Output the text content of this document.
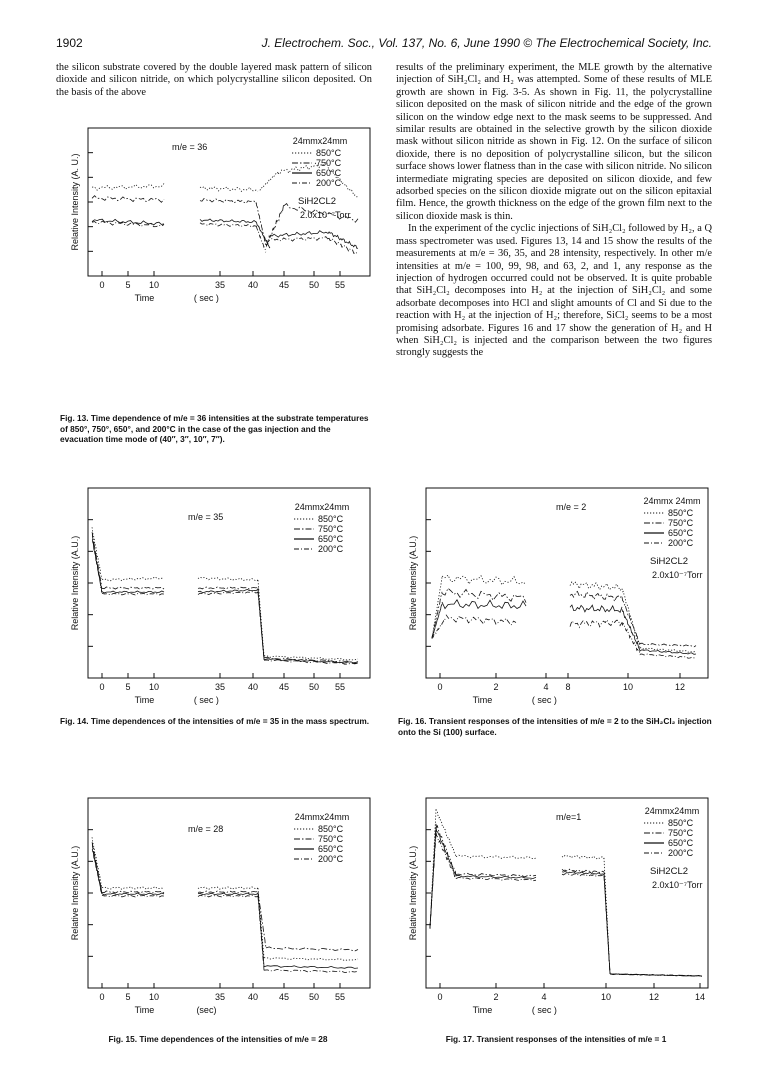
1902	J. Electrochem. Soc., Vol. 137, No. 6, June 1990 © The Electrochemical Society, Inc.

the silicon substrate covered by the double layered mask pattern of silicon dioxide and silicon nitride, on which polycrystalline silicon deposited. On the basis of the above

results of the preliminary experiment, the MLE growth by the alternative injection of SiH₂Cl₂ and H₂ was attempted. Some of these results of MLE growth are shown in Fig. 3-5. As shown in Fig. 11, the polycrystalline silicon deposited on the mask of silicon nitride and the edge of the grown silicon on the window edge next to the mask seems to be suppressed. And similar results are obtained in the selective growth by the silicon dioxide mask without silicon nitride as shown in Fig. 12. On the surface of silicon dioxide, there is no deposition of polycrystalline silicon, but the silicon surface shows lower flatness than in the case with silicon nitride. No silicon intermediate migrating species are deposited on silicon dioxide, and few adsorbed species on the silicon dioxide migrate out on the silicon epitaxial film. Hence, the growth thickness on the edge of the grown film next to the silicon dioxide mask is thin.

In the experiment of the cyclic injections of SiH₂Cl₂ followed by H₂, a Q mass spectrometer was used. Figures 13, 14 and 15 show the results of the measurements at m/e = 36, 35, and 28 intensity, respectively. In other m/e intensities at m/e = 100, 99, 98, and 63, 2, and 1, any response as the injection of hydrogen occurred could not be observed. It is quite probable that SiH₂Cl₂ decomposes into H₂ at the injection of SiH₂Cl₂ and some adsorbate decomposes into HCl and slight amounts of Cl and Si due to the reaction with H₂ at the injection of H₂; therefore, SiCl₂ seems to be a most promising adsorbate. Figures 16 and 17 show the generation of H₂ and H when SiH₂Cl₂ is injected and the comparison between the two figures strongly suggests the

0 5 10	35	40 45 50 55
Time	( sec )
Relative Intensity (A. U.)
m/e = 36
24mmx24mm
850°C
750°C
650°C
200°C
SiH2CL2
2.0x10⁻⁷Torr
Fig. 13. Time dependence of m/e = 36 intensities at the substrate temperatures of 850°, 750°, 650°, and 200°C in the case of the gas injection and the evacuation time mode of (40″, 3″, 10″, 7″).
0 5 10	35	40 45 50 55
Time	( sec )
Relative Intensity (A.U.)
m/e = 35
24mmx24mm
850°C
750°C
650°C
200°C
Fig. 14. Time dependences of the intensities of m/e = 35 in the mass spectrum.
0 5 10	35	40 45 50 55
Time	(sec)
Relative Intensity (A.U.)
m/e = 28
24mmx24mm
850°C
750°C
650°C
200°C
Fig. 15. Time dependences of the intensities of m/e = 28
0	2	4 8	10	12
Time	( sec )
Relative Intensity (A.U.)
m/e = 2
24mmx 24mm
850°C
750°C
650°C
200°C
SiH2CL2
2.0x10⁻⁷Torr
Fig. 16. Transient responses of the intensities of m/e = 2 to the SiH₂Cl₂ injection onto the Si (100) surface.
0	2	4	10	12	14
Time	( sec )
Relative Intensity (A.U.)
m/e=1
24mmx24mm
850°C
750°C
650°C
200°C
SiH2CL2
2.0x10⁻⁷Torr
Fig. 17. Transient responses of the intensities of m/e = 1
